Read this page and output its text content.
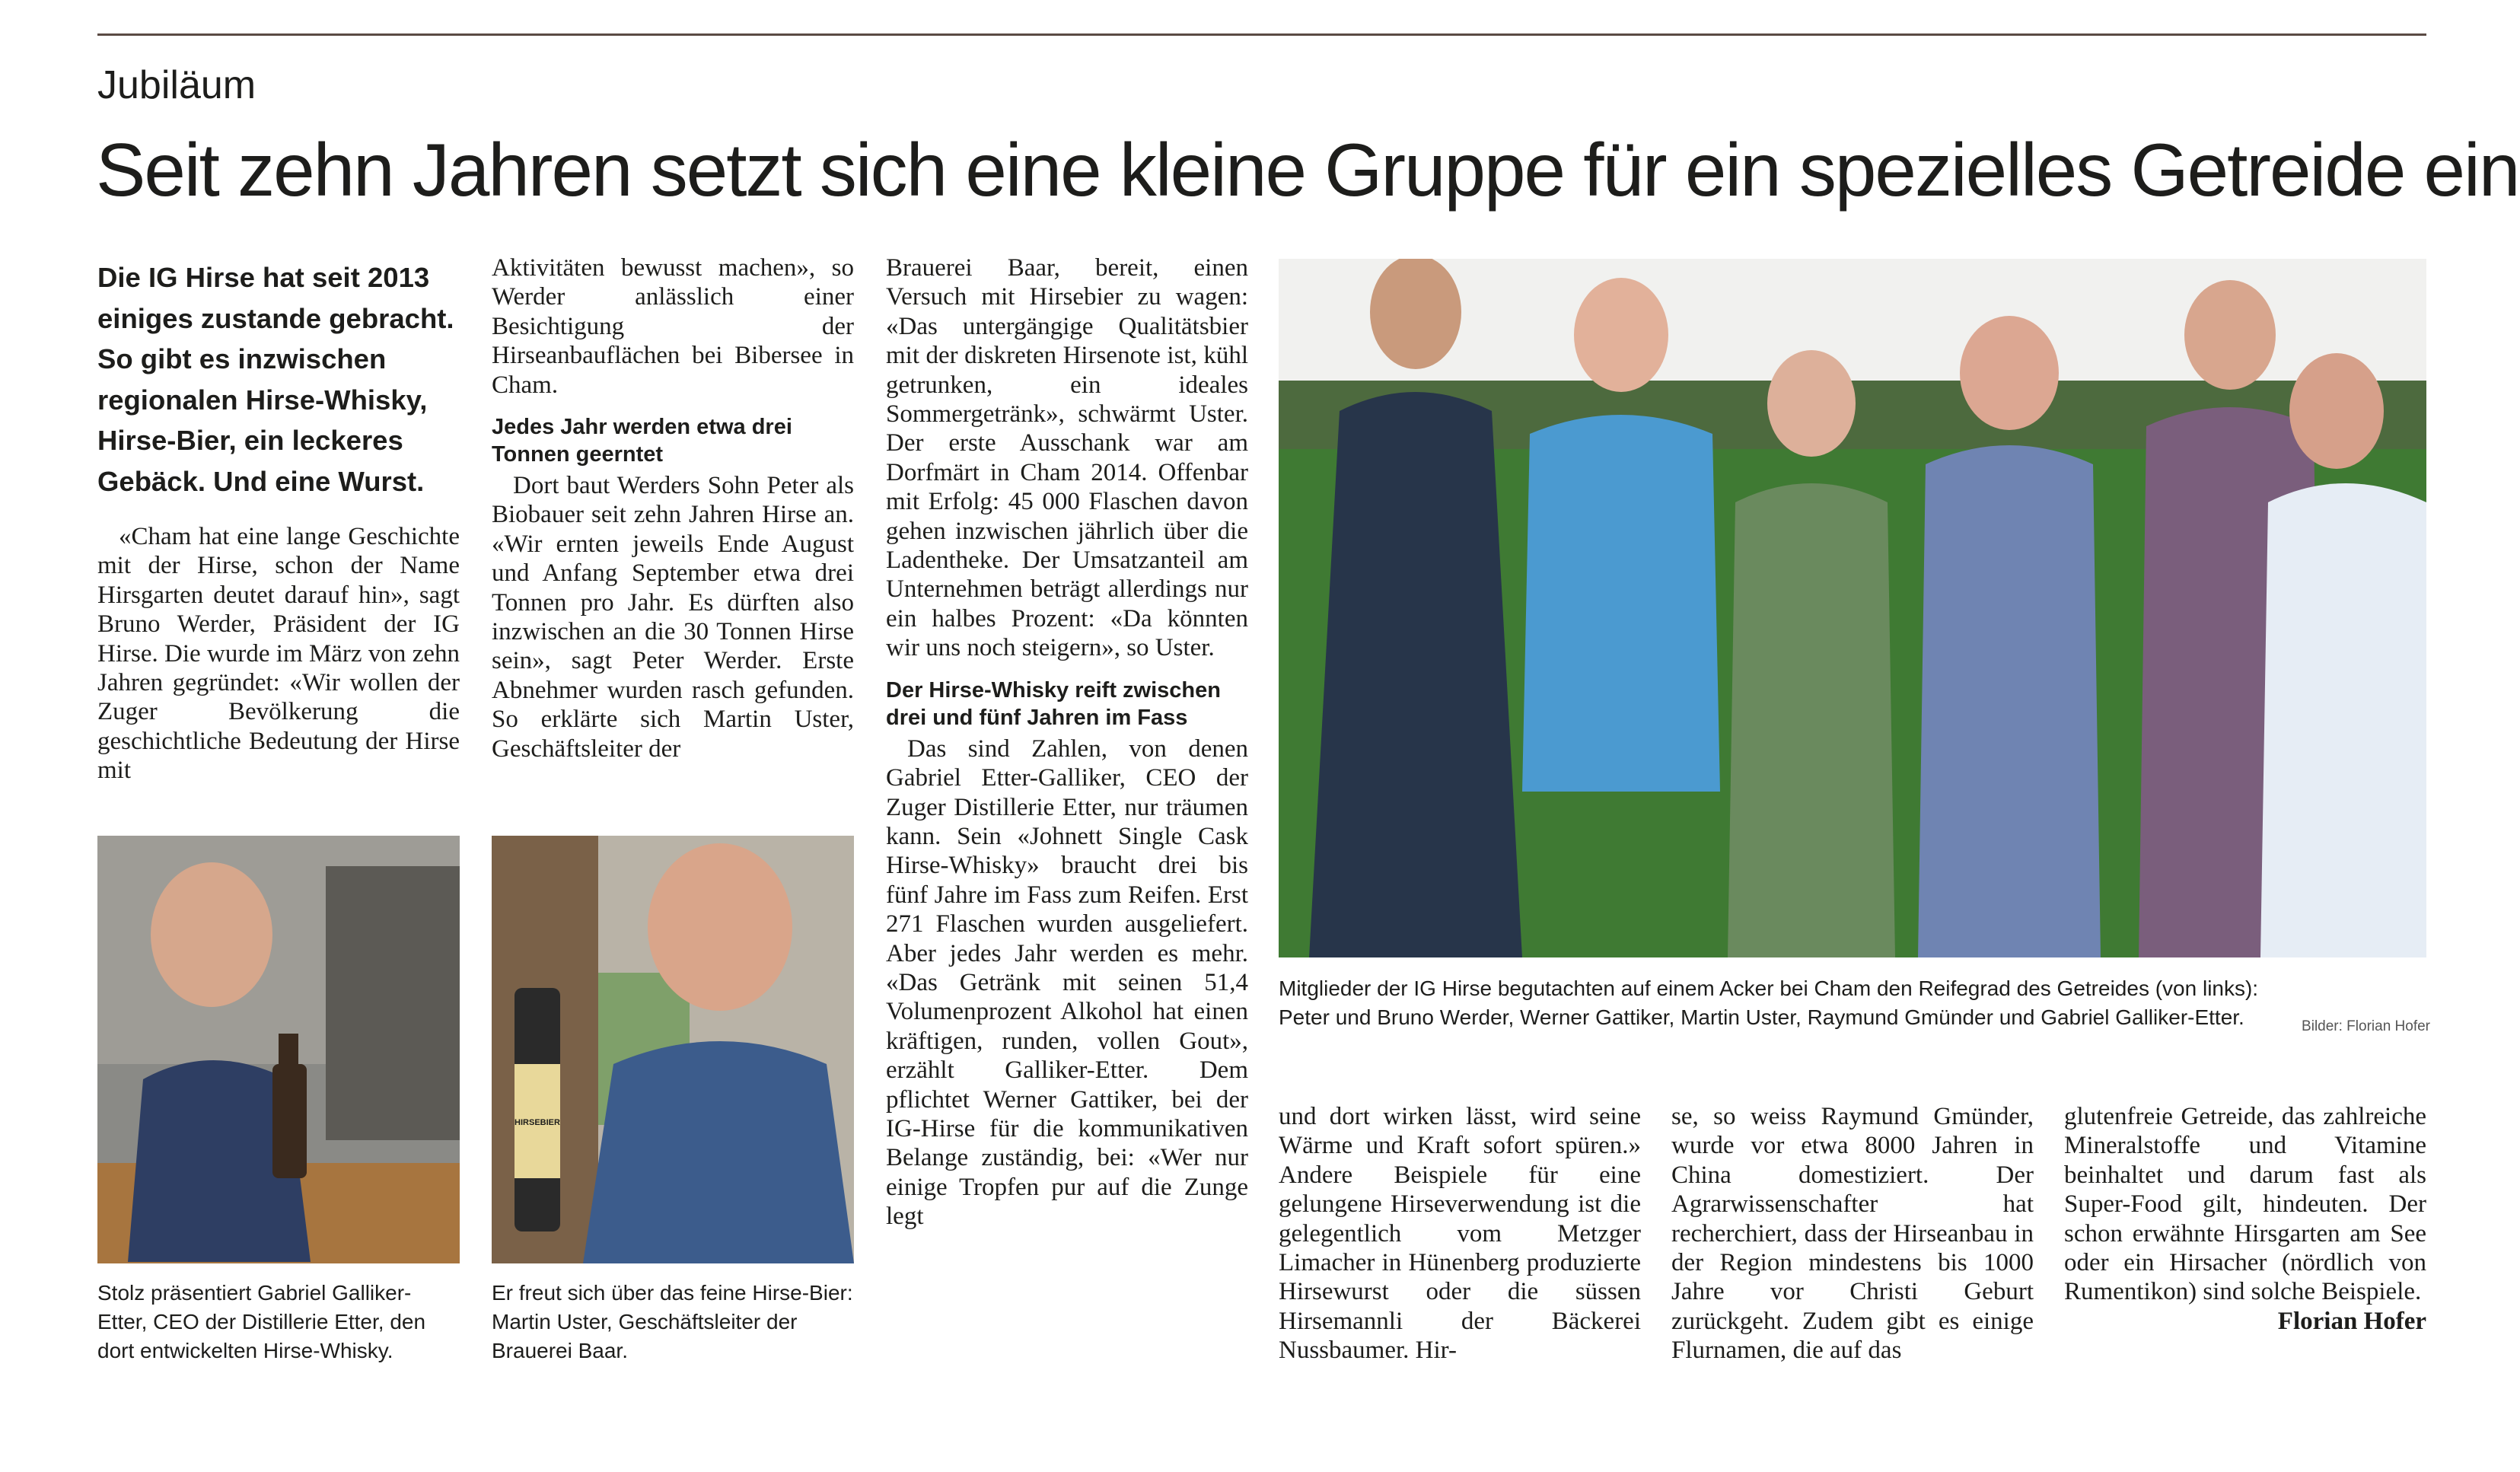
Jubiläum
Seit zehn Jahren setzt sich eine kleine Gruppe für ein spezielles Getreide ein
Die IG Hirse hat seit 2013 einiges zustande gebracht. So gibt es inzwischen regionalen Hirse-Whisky, Hirse-Bier, ein leckeres Gebäck. Und eine Wurst.

«Cham hat eine lange Geschichte mit der Hirse, schon der Name Hirsgarten deutet darauf hin», sagt Bruno Werder, Präsident der IG Hirse. Die wurde im März von zehn Jahren gegründet: «Wir wollen der Zuger Bevölkerung die geschichtliche Bedeutung der Hirse mit

Aktivitäten bewusst machen», so Werder anlässlich einer Besichtigung der Hirseanbauflächen bei Bibersee in Cham.

Jedes Jahr werden etwa drei Tonnen geerntet

Dort baut Werders Sohn Peter als Biobauer seit zehn Jahren Hirse an. «Wir ernten jeweils Ende August und Anfang September etwa drei Tonnen pro Jahr. Es dürften also inzwischen an die 30 Tonnen Hirse sein», sagt Peter Werder. Erste Abnehmer wurden rasch gefunden. So erklärte sich Martin Uster, Geschäftsleiter der

Brauerei Baar, bereit, einen Versuch mit Hirsebier zu wagen: «Das untergängige Qualitätsbier mit der diskreten Hirsenote ist, kühl getrunken, ein ideales Sommergetränk», schwärmt Uster. Der erste Ausschank war am Dorfmärt in Cham 2014. Offenbar mit Erfolg: 45 000 Flaschen davon gehen inzwischen jährlich über die Ladentheke. Der Umsatzanteil am Unternehmen beträgt allerdings nur ein halbes Prozent: «Da könnten wir uns noch steigern», so Uster.

Der Hirse-Whisky reift zwischen drei und fünf Jahren im Fass

Das sind Zahlen, von denen Gabriel Etter-Galliker, CEO der Zuger Distillerie Etter, nur träumen kann. Sein «Johnett Single Cask Hirse-Whisky» braucht drei bis fünf Jahre im Fass zum Reifen. Erst 271 Flaschen wurden ausgeliefert. Aber jedes Jahr werden es mehr. «Das Getränk mit seinen 51,4 Volumenprozent Alkohol hat einen kräftigen, runden, vollen Gout», erzählt Galliker-Etter. Dem pflichtet Werner Gattiker, bei der IG-Hirse für die kommunikativen Belange zuständig, bei: «Wer nur einige Tropfen pur auf die Zunge legt

und dort wirken lässt, wird seine Wärme und Kraft sofort spüren.» Andere Beispiele für eine gelungene Hirseverwendung ist die gelegentlich vom Metzger Limacher in Hünenberg produzierte Hirsewurst oder die süssen Hirsemannli der Bäckerei Nussbaumer. Hir-

se, so weiss Raymund Gmünder, wurde vor etwa 8000 Jahren in China domestiziert. Der Agrarwissenschafter hat recherchiert, dass der Hirseanbau in der Region mindestens bis 1000 Jahre vor Christi Geburt zurückgeht. Zudem gibt es einige Flurnamen, die auf das

glutenfreie Getreide, das zahlreiche Mineralstoffe und Vitamine beinhaltet und darum fast als Super-Food gilt, hindeuten. Der schon erwähnte Hirsgarten am See oder ein Hirsacher (nördlich von Rumentikon) sind solche Beispiele.
Florian Hofer

Stolz präsentiert Gabriel Galliker-Etter, CEO der Distillerie Etter, den dort entwickelten Hirse-Whisky.
HIRSEBIER
Er freut sich über das feine Hirse-Bier: Martin Uster, Geschäftsleiter der Brauerei Baar.
Mitglieder der IG Hirse begutachten auf einem Acker bei Cham den Reifegrad des Getreides (von links): Peter und Bruno Werder, Werner Gattiker, Martin Uster, Raymund Gmünder und Gabriel Galliker-Etter.	Bilder: Florian Hofer
